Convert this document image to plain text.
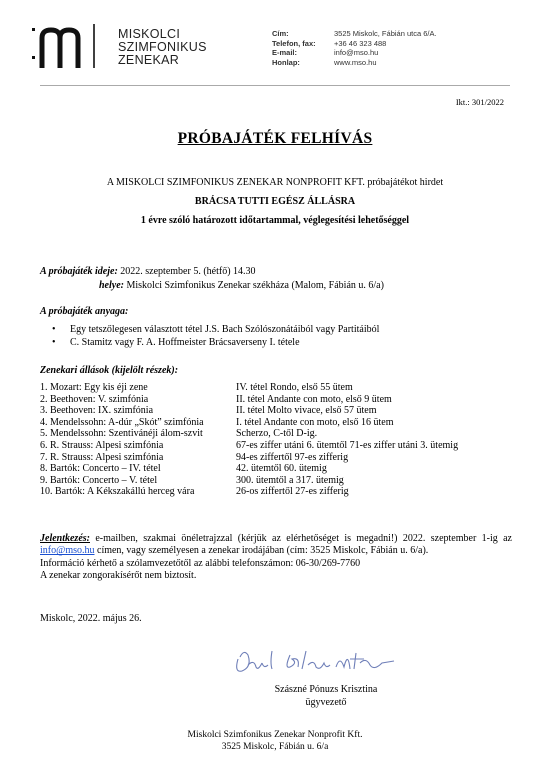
MISKOLCI
SZIMFONIKUS
ZENEKAR
Cím:	3525 Miskolc, Fábián utca 6/A.
Telefon, fax:	+36 46 323 488
E-mail:	info@mso.hu
Honlap:	www.mso.hu
Ikt.: 301/2022
PRÓBAJÁTÉK FELHÍVÁS
A MISKOLCI SZIMFONIKUS ZENEKAR NONPROFIT KFT. próbajátékot hirdet
BRÁCSA TUTTI EGÉSZ ÁLLÁSRA
1 évre szóló határozott időtartammal, véglegesítési lehetőséggel
A próbajáték ideje: 2022. szeptember 5. (hétfő) 14.30
helye: Miskolci Szimfonikus Zenekar székháza (Malom, Fábián u. 6/a)
A próbajáték anyaga:
•	Egy tetszőlegesen választott tétel J.S. Bach Szólószonátáiból vagy Partitáiból
•	C. Stamitz vagy F. A. Hoffmeister Brácsaverseny I. tétele
Zenekari állások (kijelölt részek):
1. Mozart: Egy kis éji zene	IV. tétel Rondo, első 55 ütem
2. Beethoven: V. szimfónia	II. tétel Andante con moto, első 9 ütem
3. Beethoven: IX. szimfónia	II. tétel Molto vivace, első 57 ütem
4. Mendelssohn: A-dúr „Skót” szimfónia	I. tétel Andante con moto, első 16 ütem
5. Mendelssohn: Szentivánéji álom-szvit	Scherzo, C-től D-ig.
6. R. Strauss: Alpesi szimfónia	67-es ziffer utáni 6. ütemtől 71-es ziffer utáni 3. ütemig
7. R. Strauss: Alpesi szimfónia	94-es ziffertől 97-es zifferig
8. Bartók: Concerto – IV. tétel	42. ütemtől 60. ütemig
9. Bartók: Concerto – V. tétel	300. ütemtől a 317. ütemig
10. Bartók: A Kékszakállú herceg vára	26-os ziffertől 27-es zifferig

Jelentkezés: e-mailben, szakmai önéletrajzzal (kérjük az elérhetőséget is megadni!) 2022. szeptember 1-ig az info@mso.hu címen, vagy személyesen a zenekar irodájában (cím: 3525 Miskolc, Fábián u. 6/a).

Információ kérhető a szólamvezetőtől az alábbi telefonszámon: 06-30/269-7760

A zenekar zongorakísérőt nem biztosít.

Miskolc, 2022. május 26.
Szászné Pónuzs Krisztina
ügyvezető
Miskolci Szimfonikus Zenekar Nonprofit Kft.
3525 Miskolc, Fábián u. 6/a
